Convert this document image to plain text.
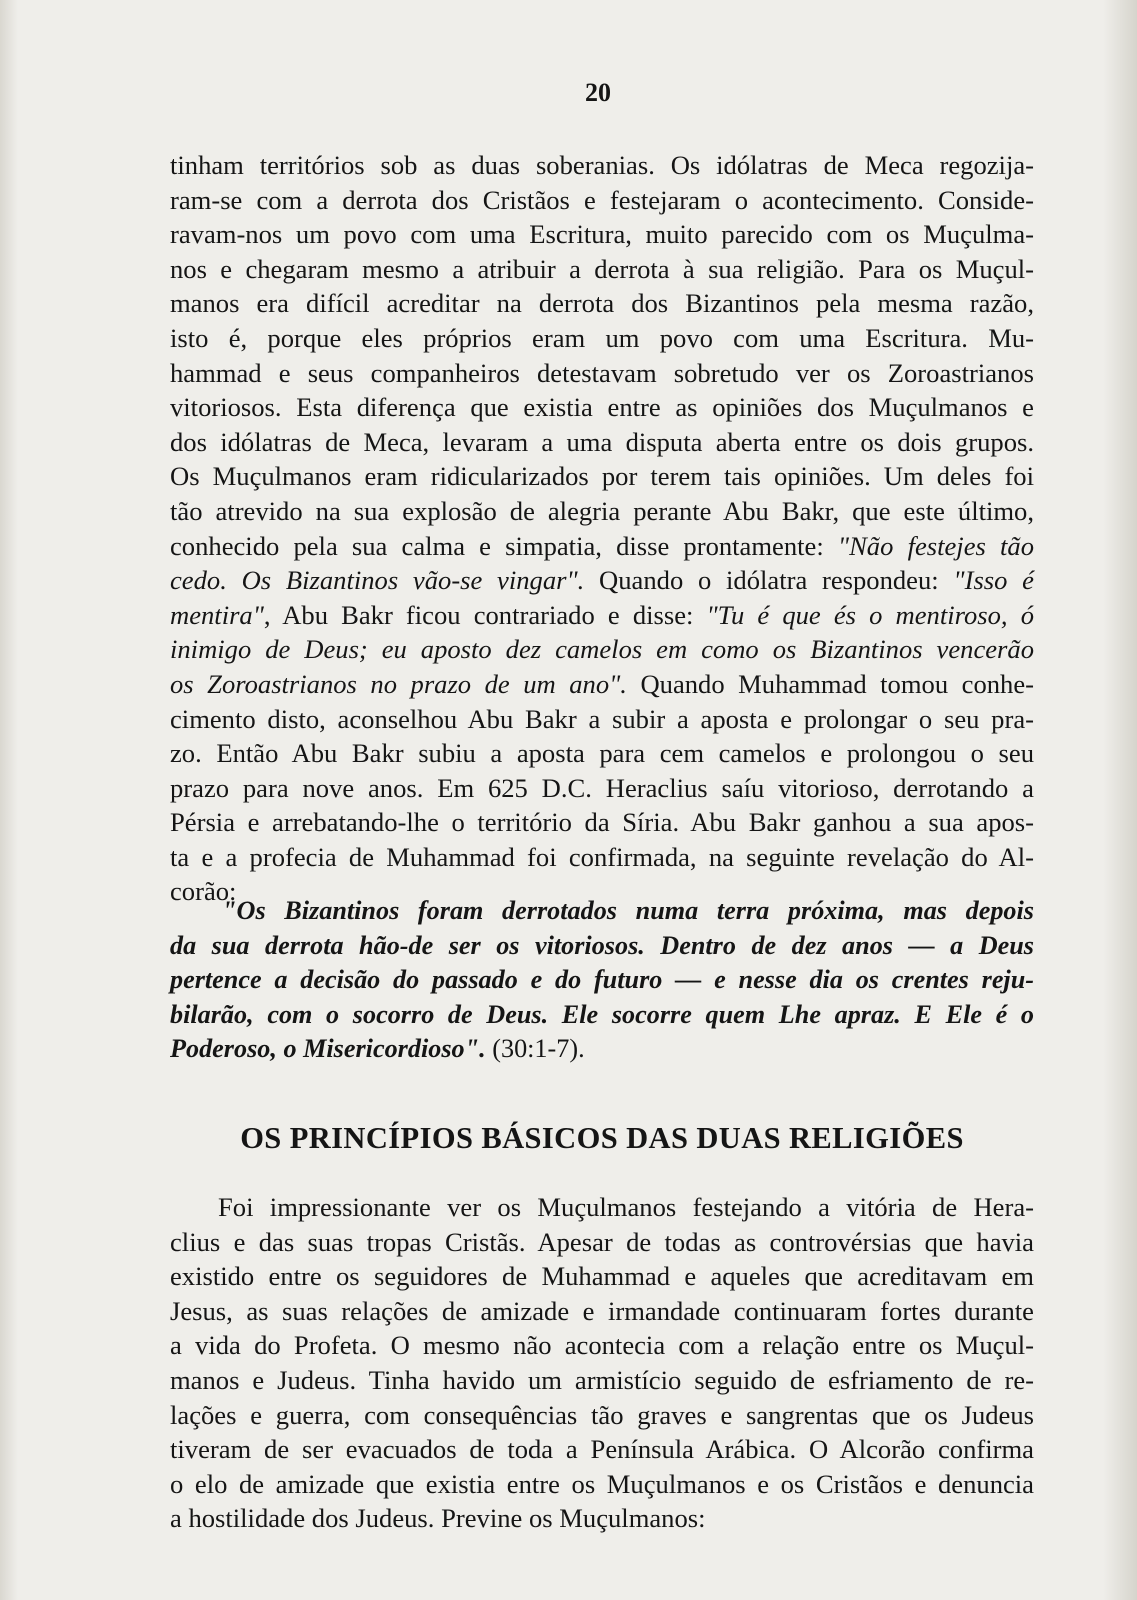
20
tinham territórios sob as duas soberanias. Os idólatras de Meca regozija-
ram-se com a derrota dos Cristãos e festejaram o acontecimento. Conside-
ravam-nos um povo com uma Escritura, muito parecido com os Muçulma-
nos e chegaram mesmo a atribuir a derrota à sua religião. Para os Muçul-
manos era difícil acreditar na derrota dos Bizantinos pela mesma razão,
isto é, porque eles próprios eram um povo com uma Escritura. Mu-
hammad e seus companheiros detestavam sobretudo ver os Zoroastrianos
vitoriosos. Esta diferença que existia entre as opiniões dos Muçulmanos e
dos idólatras de Meca, levaram a uma disputa aberta entre os dois grupos.
Os Muçulmanos eram ridicularizados por terem tais opiniões. Um deles foi
tão atrevido na sua explosão de alegria perante Abu Bakr, que este último,
conhecido pela sua calma e simpatia, disse prontamente: "Não festejes tão
cedo. Os Bizantinos vão-se vingar". Quando o idólatra respondeu: "Isso é
mentira", Abu Bakr ficou contrariado e disse: "Tu é que és o mentiroso, ó
inimigo de Deus; eu aposto dez camelos em como os Bizantinos vencerão
os Zoroastrianos no prazo de um ano". Quando Muhammad tomou conhe-
cimento disto, aconselhou Abu Bakr a subir a aposta e prolongar o seu pra-
zo. Então Abu Bakr subiu a aposta para cem camelos e prolongou o seu
prazo para nove anos. Em 625 D.C. Heraclius saíu vitorioso, derrotando a
Pérsia e arrebatando-lhe o território da Síria. Abu Bakr ganhou a sua apos-
ta e a profecia de Muhammad foi confirmada, na seguinte revelação do Al-
corão:
"Os Bizantinos foram derrotados numa terra próxima, mas depois
da sua derrota hão-de ser os vitoriosos. Dentro de dez anos — a Deus
pertence a decisão do passado e do futuro — e nesse dia os crentes reju-
bilarão, com o socorro de Deus. Ele socorre quem Lhe apraz. E Ele é o
Poderoso, o Misericordioso". (30:1-7).
OS PRINCÍPIOS BÁSICOS DAS DUAS RELIGIÕES
Foi impressionante ver os Muçulmanos festejando a vitória de Hera-
clius e das suas tropas Cristãs. Apesar de todas as controvérsias que havia
existido entre os seguidores de Muhammad e aqueles que acreditavam em
Jesus, as suas relações de amizade e irmandade continuaram fortes durante
a vida do Profeta. O mesmo não acontecia com a relação entre os Muçul-
manos e Judeus. Tinha havido um armistício seguido de esfriamento de re-
lações e guerra, com consequências tão graves e sangrentas que os Judeus
tiveram de ser evacuados de toda a Península Arábica. O Alcorão confirma
o elo de amizade que existia entre os Muçulmanos e os Cristãos e denuncia
a hostilidade dos Judeus. Previne os Muçulmanos:
